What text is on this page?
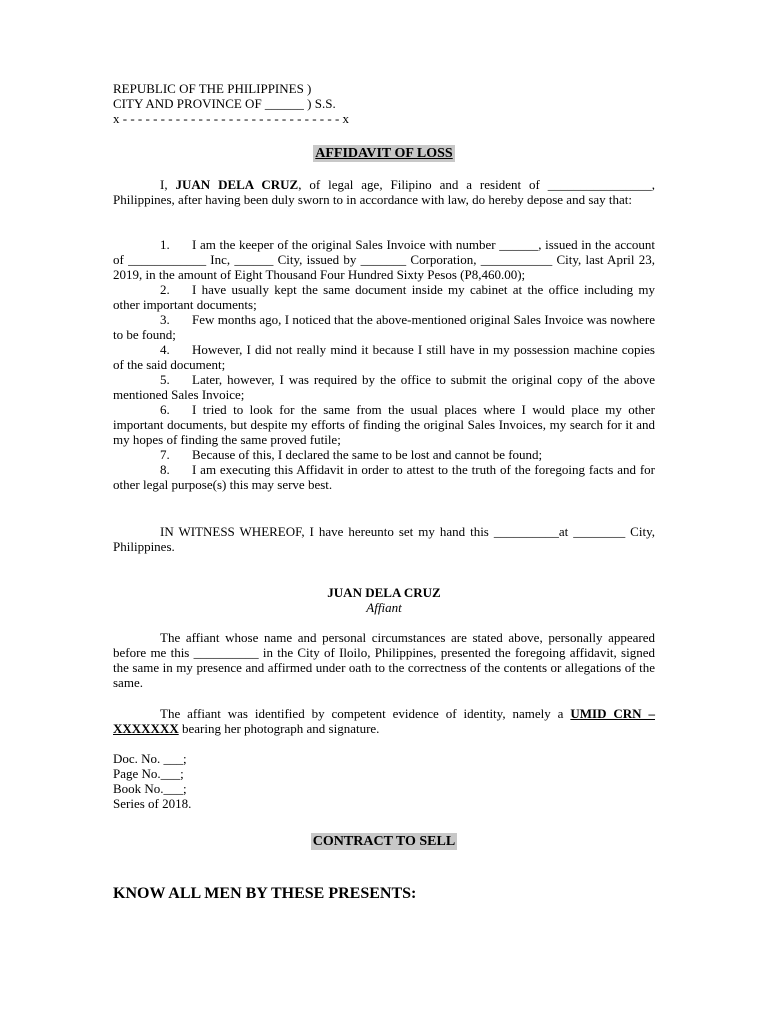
REPUBLIC OF THE PHILIPPINES )
CITY AND PROVINCE OF ______ ) S.S.
x - - - - - - - - - - - - - - - - - - - - - - - - - - - - - x
AFFIDAVIT OF LOSS
I, JUAN DELA CRUZ, of legal age, Filipino and a resident of ________________, Philippines, after having been duly sworn to in accordance with law, do hereby depose and say that:
1. I am the keeper of the original Sales Invoice with number ______, issued in the account of ____________ Inc, ______ City, issued by _______ Corporation, ___________ City, last April 23, 2019, in the amount of Eight Thousand Four Hundred Sixty Pesos (P8,460.00);
2. I have usually kept the same document inside my cabinet at the office including my other important documents;
3. Few months ago, I noticed that the above-mentioned original Sales Invoice was nowhere to be found;
4. However, I did not really mind it because I still have in my possession machine copies of the said document;
5. Later, however, I was required by the office to submit the original copy of the above mentioned Sales Invoice;
6. I tried to look for the same from the usual places where I would place my other important documents, but despite my efforts of finding the original Sales Invoices, my search for it and my hopes of finding the same proved futile;
7. Because of this, I declared the same to be lost and cannot be found;
8. I am executing this Affidavit in order to attest to the truth of the foregoing facts and for other legal purpose(s) this may serve best.
IN WITNESS WHEREOF, I have hereunto set my hand this __________at ________ City, Philippines.
JUAN DELA CRUZ
Affiant
The affiant whose name and personal circumstances are stated above, personally appeared before me this __________ in the City of Iloilo, Philippines, presented the foregoing affidavit, signed the same in my presence and affirmed under oath to the correctness of the contents or allegations of the same.
The affiant was identified by competent evidence of identity, namely a UMID CRN – XXXXXXX bearing her photograph and signature.
Doc. No. ___;
Page No.___;
Book No.___;
Series of 2018.
CONTRACT TO SELL
KNOW ALL MEN BY THESE PRESENTS:
